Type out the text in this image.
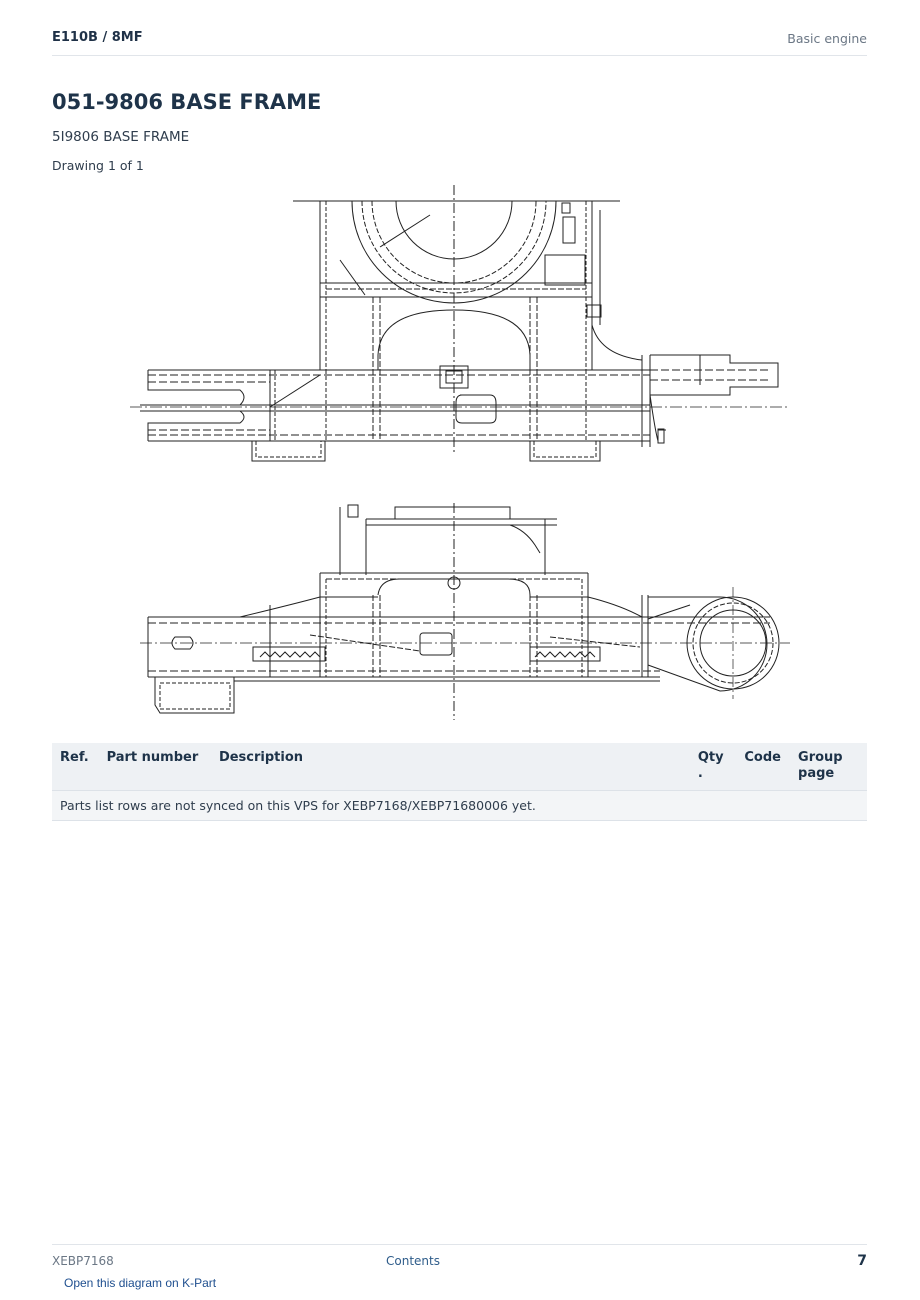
E110B / 8MF	Basic engine
051-9806 BASE FRAME
5I9806 BASE FRAME
Drawing 1 of 1
Ref.	Part number	Description	Qty .	Code	Group page
Parts list rows are not synced on this VPS for XEBP7168/XEBP71680006 yet.
XEBP7168	Contents	7
Open this diagram on K-Part
